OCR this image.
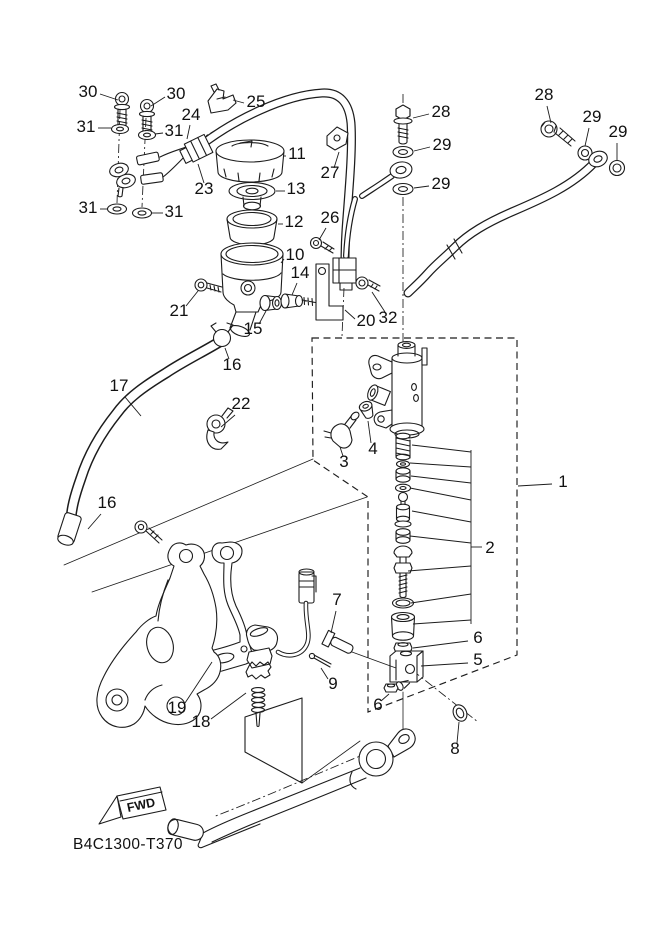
FWD
B4C1300-T370
30	30
31	31
24
25
23
11
13
12
10
31	31
27
28
29
29
26
14
21
15	20 32
16
17
22
28
29
29
3
4
1
2
16
7
9
6
5
6
8
19
18
